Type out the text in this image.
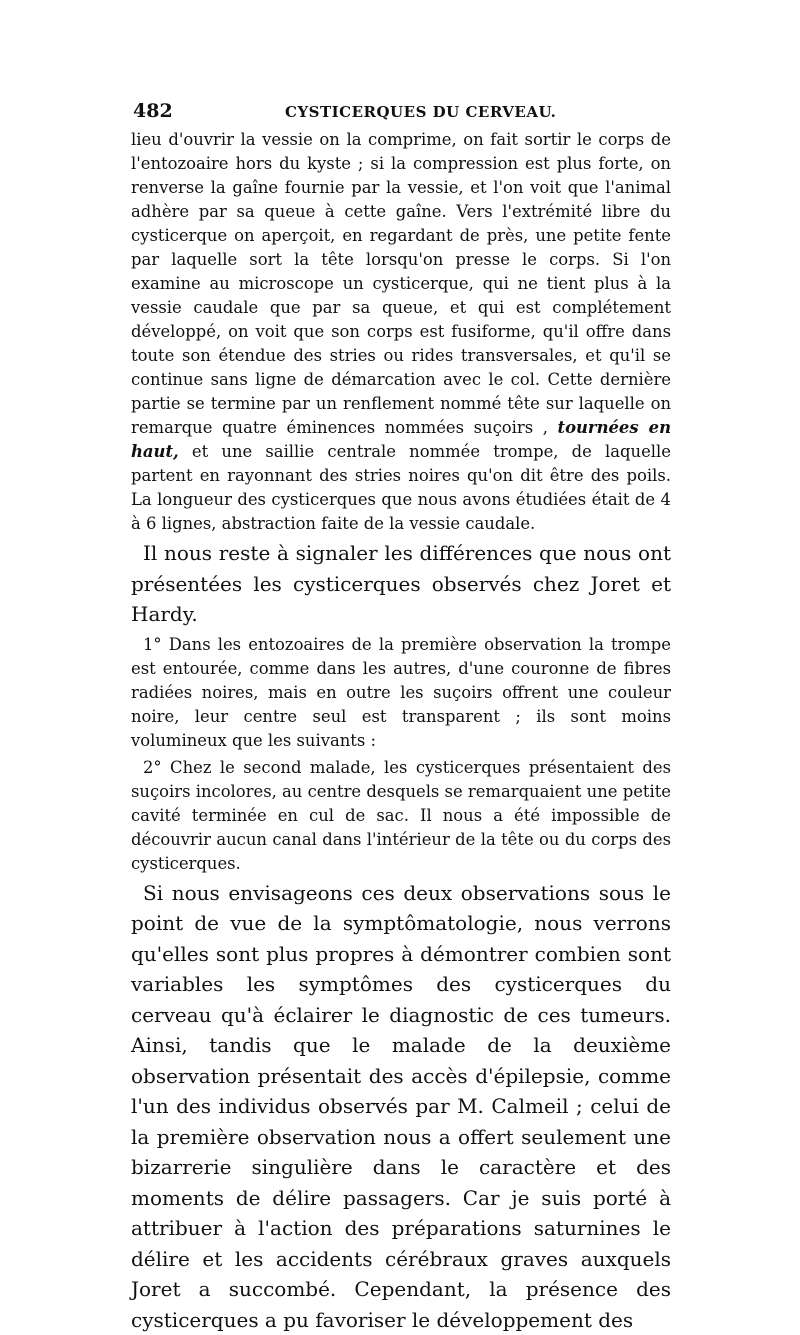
482	CYSTICERQUES DU CERVEAU.

lieu d'ouvrir la vessie on la comprime, on fait sortir le corps de l'entozoaire hors du kyste ; si la compression est plus forte, on renverse la gaîne fournie par la vessie, et l'on voit que l'animal adhère par sa queue à cette gaîne. Vers l'extrémité libre du cysticerque on aperçoit, en regardant de près, une petite fente par laquelle sort la tête lorsqu'on presse le corps. Si l'on examine au microscope un cysticerque, qui ne tient plus à la vessie caudale que par sa queue, et qui est complétement développé, on voit que son corps est fusiforme, qu'il offre dans toute son étendue des stries ou rides transversales, et qu'il se continue sans ligne de démarcation avec le col. Cette dernière partie se termine par un renflement nommé tête sur laquelle on remarque quatre éminences nommées suçoirs , tournées en haut, et une saillie centrale nommée trompe, de laquelle partent en rayonnant des stries noires qu'on dit être des poils. La longueur des cysticerques que nous avons étudiées était de 4 à 6 lignes, abstraction faite de la vessie caudale.

Il nous reste à signaler les différences que nous ont présentées les cysticerques observés chez Joret et Hardy.

1° Dans les entozoaires de la première observation la trompe est entourée, comme dans les autres, d'une couronne de fibres radiées noires, mais en outre les suçoirs offrent une couleur noire, leur centre seul est transparent ; ils sont moins volumineux que les suivants :

2° Chez le second malade, les cysticerques présentaient des suçoirs incolores, au centre desquels se remarquaient une petite cavité terminée en cul de sac. Il nous a été impossible de découvrir aucun canal dans l'intérieur de la tête ou du corps des cysticerques.

Si nous envisageons ces deux observations sous le point de vue de la symptômatologie, nous verrons qu'elles sont plus propres à démontrer combien sont variables les symptômes des cysticerques du cerveau qu'à éclairer le diagnostic de ces tumeurs. Ainsi, tandis que le malade de la deuxième observation présentait des accès d'épilepsie, comme l'un des individus observés par M. Calmeil ; celui de la première observation nous a offert seulement une bizarrerie singulière dans le caractère et des moments de délire passagers. Car je suis porté à attribuer à l'action des préparations saturnines le délire et les accidents cérébraux graves auxquels Joret a succombé. Cependant, la présence des cysticerques a pu favoriser le développement des
